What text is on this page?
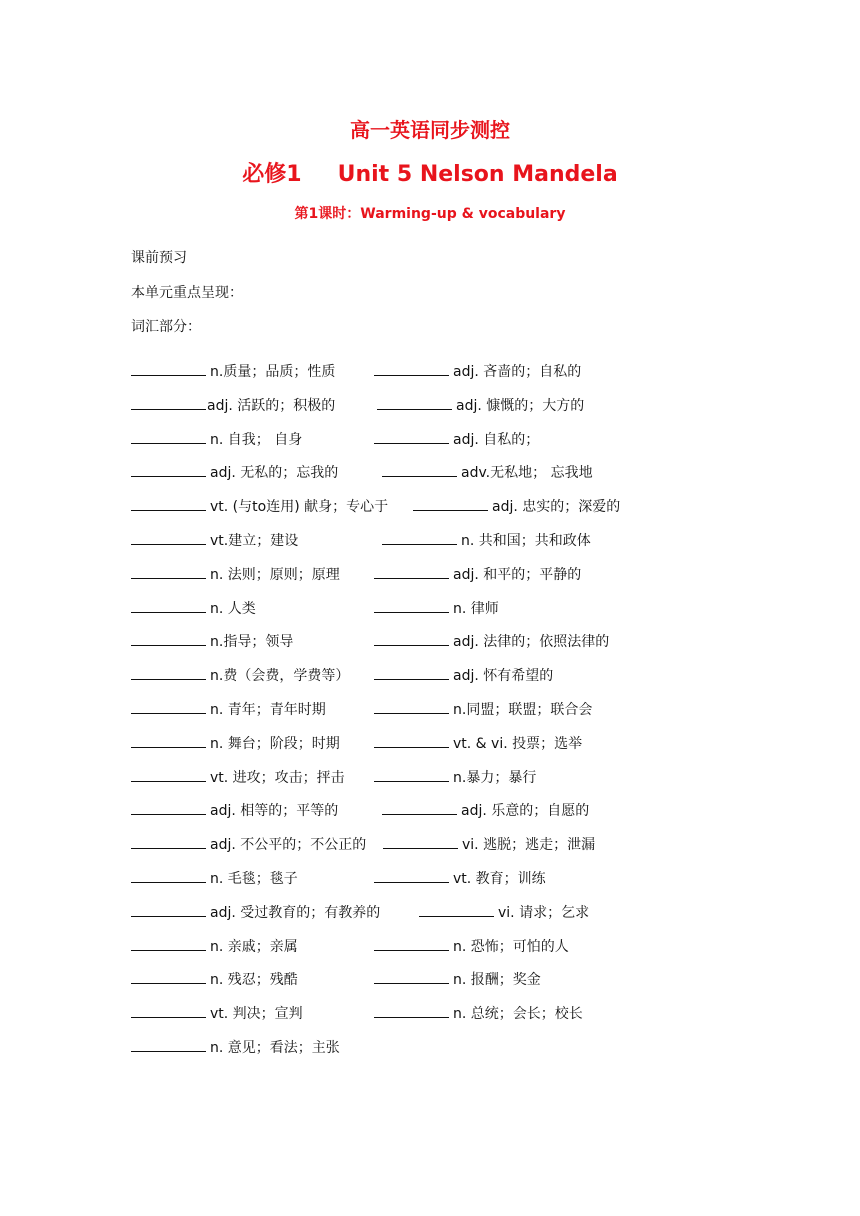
高一英语同步测控
必修1 Unit 5 Nelson Mandela
第1课时：Warming-up & vocabulary
课前预习
本单元重点呈现：
词汇部分：
n.质量；品质；性质	adj. 吝啬的；自私的
adj. 活跃的；积极的	adj. 慷慨的；大方的
n. 自我； 自身	adj. 自私的；
adj. 无私的；忘我的	adv.无私地； 忘我地
vt. (与to连用) 献身；专心于	adj. 忠实的；深爱的
vt.建立；建设	n. 共和国；共和政体
n. 法则；原则；原理	adj. 和平的；平静的
n. 人类	n. 律师
n.指导；领导	adj. 法律的；依照法律的
n.费（会费，学费等）	adj. 怀有希望的
n. 青年；青年时期	n.同盟；联盟；联合会
n. 舞台；阶段；时期	vt. & vi. 投票；选举
vt. 进攻；攻击；抨击	n.暴力；暴行
adj. 相等的；平等的	adj. 乐意的；自愿的
adj. 不公平的；不公正的	vi. 逃脱；逃走；泄漏
n. 毛毯；毯子	vt. 教育；训练
adj. 受过教育的；有教养的	vi. 请求；乞求
n. 亲戚；亲属	n. 恐怖；可怕的人
n. 残忍；残酷	n. 报酬；奖金
vt. 判决；宣判	n. 总统；会长；校长
n. 意见；看法；主张
